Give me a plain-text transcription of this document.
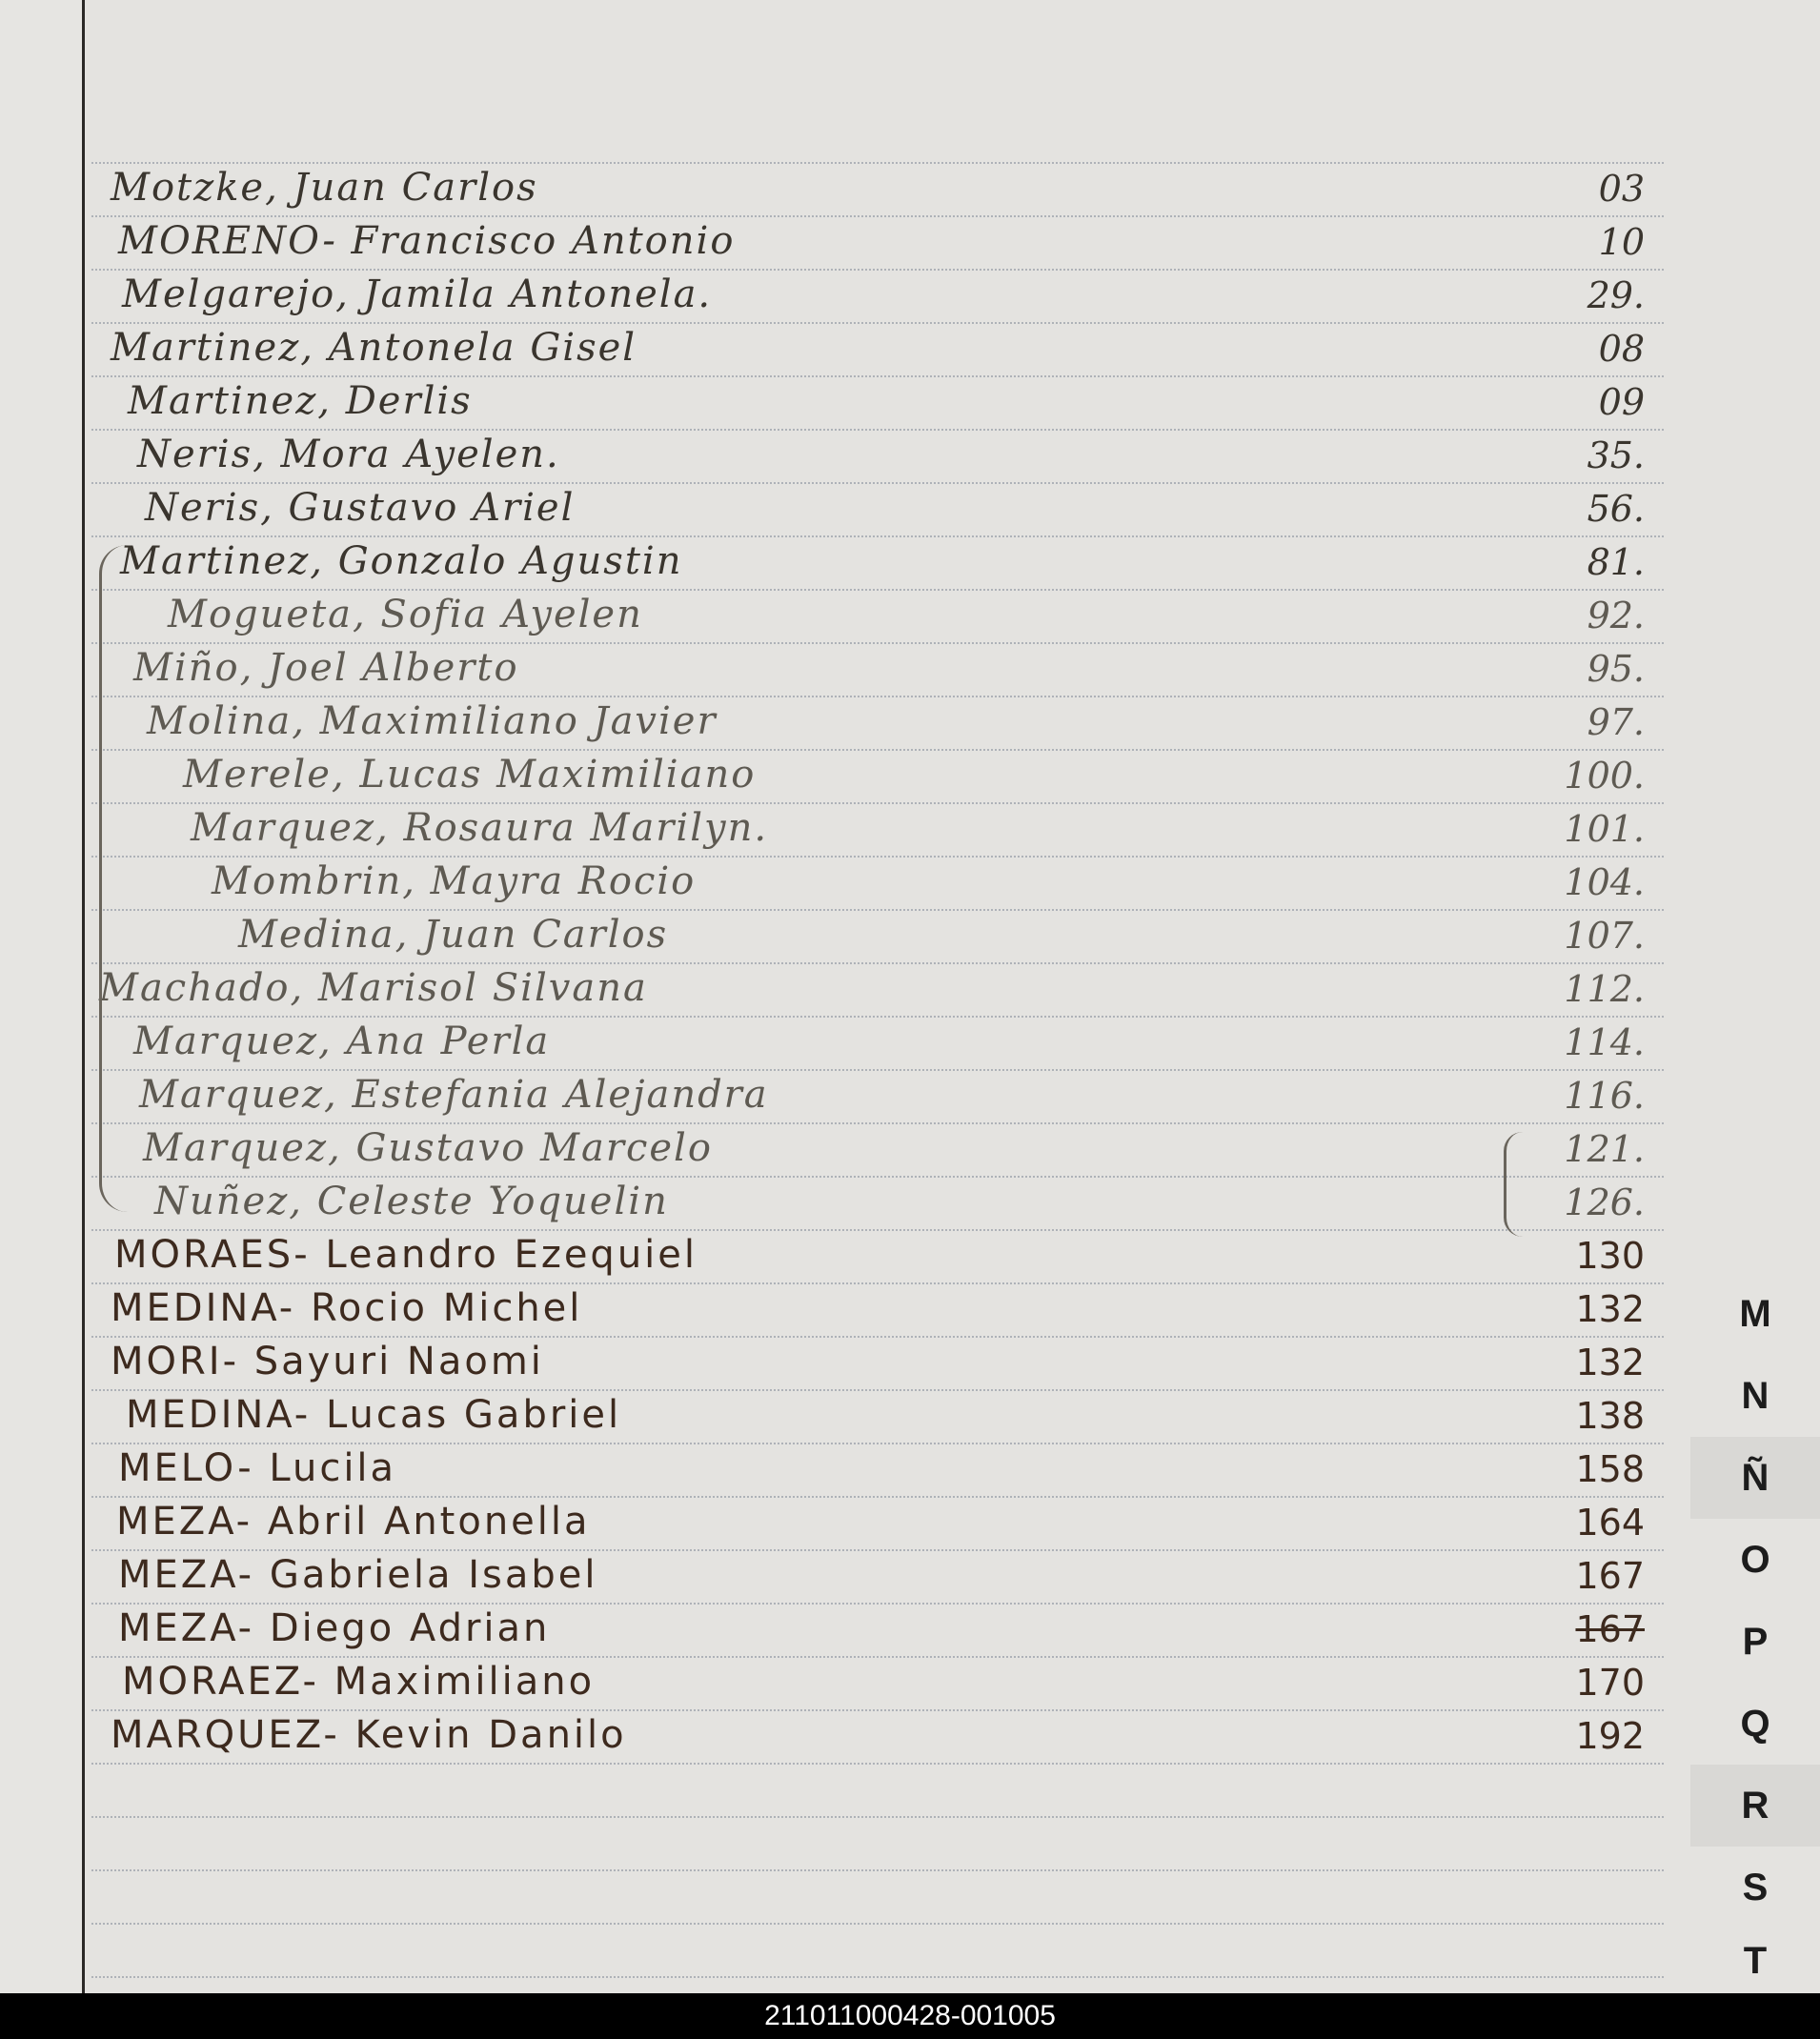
Motzke, Juan Carlos	03
MORENO- Francisco Antonio	10
Melgarejo, Jamila Antonela.	29.
Martinez, Antonela Gisel	08
Martinez, Derlis	09
Neris, Mora Ayelen.	35.
Neris, Gustavo Ariel	56.
Martinez, Gonzalo Agustin	81.
Mogueta, Sofia Ayelen	92.
Miño, Joel Alberto	95.
Molina, Maximiliano Javier	97.
Merele, Lucas Maximiliano	100.
Marquez, Rosaura Marilyn.	101.
Mombrin, Mayra Rocio	104.
Medina, Juan Carlos	107.
Machado, Marisol Silvana	112.
Marquez, Ana Perla	114.
Marquez, Estefania Alejandra	116.
Marquez, Gustavo Marcelo	121.
Nuñez, Celeste Yoquelin	126.
MORAES- Leandro Ezequiel	130
MEDINA- Rocio Michel	132
MORI- Sayuri Naomi	132
MEDINA- Lucas Gabriel	138
MELO- Lucila	158
MEZA- Abril Antonella	164
MEZA- Gabriela Isabel	167
MEZA- Diego Adrian	167
MORAEZ- Maximiliano	170
MARQUEZ- Kevin Danilo	192
M
N
Ñ
O
P
Q
R
S
T
211011000428-001005
